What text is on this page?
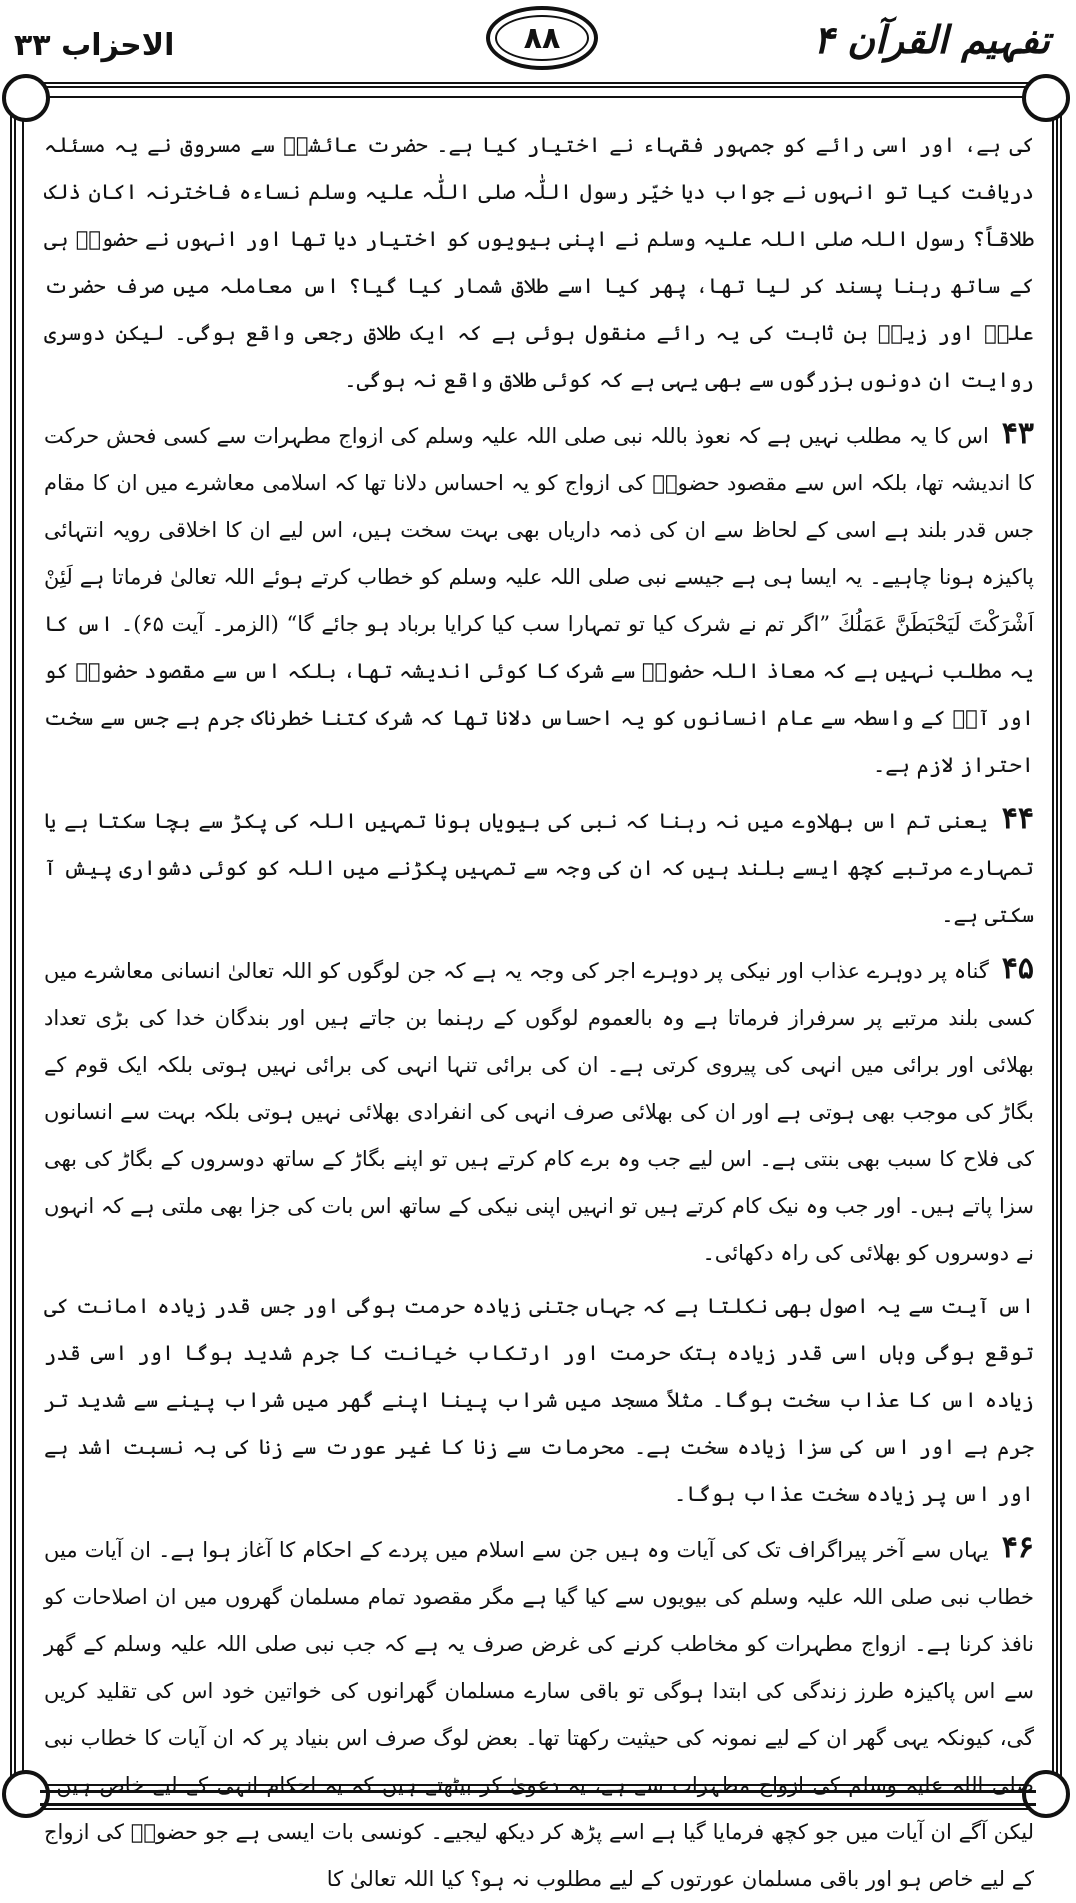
الاحزاب ۳۳	۸۸	تفہیم القرآن ۴

کی ہے، اور اسی رائے کو جمہور فقہاء نے اختیار کیا ہے۔ حضرت عائشہؓ سے مسروق نے یہ مسئلہ دریافت کیا تو انہوں نے جواب دیا خیّر رسول اللّٰہ صلی اللّٰہ علیہ وسلم نساءہ فاخترنہ اکان ذٰلک طلاقاً؟ رسول اللہ صلی اللہ علیہ وسلم نے اپنی بیویوں کو اختیار دیا تھا اور انہوں نے حضورؐ ہی کے ساتھ رہنا پسند کر لیا تھا، پھر کیا اسے طلاق شمار کیا گیا؟ اس معاملہ میں صرف حضرت علیؓ اور زیدؓ بن ثابت کی یہ رائے منقول ہوئی ہے کہ ایک طلاق رجعی واقع ہوگی۔ لیکن دوسری روایت ان دونوں بزرگوں سے بھی یہی ہے کہ کوئی طلاق واقع نہ ہوگی۔

۴۳ اس کا یہ مطلب نہیں ہے کہ نعوذ باللہ نبی صلی اللہ علیہ وسلم کی ازواج مطہرات سے کسی فحش حرکت کا اندیشہ تھا، بلکہ اس سے مقصود حضورؐ کی ازواج کو یہ احساس دلانا تھا کہ اسلامی معاشرے میں ان کا مقام جس قدر بلند ہے اسی کے لحاظ سے ان کی ذمہ داریاں بھی بہت سخت ہیں، اس لیے ان کا اخلاقی رویہ انتہائی پاکیزہ ہونا چاہیے۔ یہ ایسا ہی ہے جیسے نبی صلی اللہ علیہ وسلم کو خطاب کرتے ہوئے اللہ تعالیٰ فرماتا ہے لَئِنْ اَشْرَكْتَ لَيَحْبَطَنَّ عَمَلُكَ ”اگر تم نے شرک کیا تو تمہارا سب کیا کرایا برباد ہو جائے گا“ (الزمر۔ آیت ۶۵)۔ اس کا یہ مطلب نہیں ہے کہ معاذ اللہ حضورؐ سے شرک کا کوئی اندیشہ تھا، بلکہ اس سے مقصود حضورؐ کو اور آپؐ کے واسطہ سے عام انسانوں کو یہ احساس دلانا تھا کہ شرک کتنا خطرناک جرم ہے جس سے سخت احتراز لازم ہے۔

۴۴ یعنی تم اس بھلاوے میں نہ رہنا کہ نبی کی بیویاں ہونا تمہیں اللہ کی پکڑ سے بچا سکتا ہے یا تمہارے مرتبے کچھ ایسے بلند ہیں کہ ان کی وجہ سے تمہیں پکڑنے میں اللہ کو کوئی دشواری پیش آ سکتی ہے۔

۴۵ گناہ پر دوہرے عذاب اور نیکی پر دوہرے اجر کی وجہ یہ ہے کہ جن لوگوں کو اللہ تعالیٰ انسانی معاشرے میں کسی بلند مرتبے پر سرفراز فرماتا ہے وہ بالعموم لوگوں کے رہنما بن جاتے ہیں اور بندگان خدا کی بڑی تعداد بھلائی اور برائی میں انہی کی پیروی کرتی ہے۔ ان کی برائی تنہا انہی کی برائی نہیں ہوتی بلکہ ایک قوم کے بگاڑ کی موجب بھی ہوتی ہے اور ان کی بھلائی صرف انہی کی انفرادی بھلائی نہیں ہوتی بلکہ بہت سے انسانوں کی فلاح کا سبب بھی بنتی ہے۔ اس لیے جب وہ برے کام کرتے ہیں تو اپنے بگاڑ کے ساتھ دوسروں کے بگاڑ کی بھی سزا پاتے ہیں۔ اور جب وہ نیک کام کرتے ہیں تو انہیں اپنی نیکی کے ساتھ اس بات کی جزا بھی ملتی ہے کہ انہوں نے دوسروں کو بھلائی کی راہ دکھائی۔

اس آیت سے یہ اصول بھی نکلتا ہے کہ جہاں جتنی زیادہ حرمت ہوگی اور جس قدر زیادہ امانت کی توقع ہوگی وہاں اسی قدر زیادہ ہتک حرمت اور ارتکاب خیانت کا جرم شدید ہوگا اور اسی قدر زیادہ اس کا عذاب سخت ہوگا۔ مثلاً مسجد میں شراب پینا اپنے گھر میں شراب پینے سے شدید تر جرم ہے اور اس کی سزا زیادہ سخت ہے۔ محرمات سے زنا کا غیر عورت سے زنا کی بہ نسبت اشد ہے اور اس پر زیادہ سخت عذاب ہوگا۔

۴۶ یہاں سے آخر پیراگراف تک کی آیات وہ ہیں جن سے اسلام میں پردے کے احکام کا آغاز ہوا ہے۔ ان آیات میں خطاب نبی صلی اللہ علیہ وسلم کی بیویوں سے کیا گیا ہے مگر مقصود تمام مسلمان گھروں میں ان اصلاحات کو نافذ کرنا ہے۔ ازواج مطہرات کو مخاطب کرنے کی غرض صرف یہ ہے کہ جب نبی صلی اللہ علیہ وسلم کے گھر سے اس پاکیزہ طرز زندگی کی ابتدا ہوگی تو باقی سارے مسلمان گھرانوں کی خواتین خود اس کی تقلید کریں گی، کیونکہ یہی گھر ان کے لیے نمونہ کی حیثیت رکھتا تھا۔ بعض لوگ صرف اس بنیاد پر کہ ان آیات کا خطاب نبی صلی اللہ علیہ وسلم کی ازواج مطہرات سے ہے، یہ دعویٰ کر بیٹھتے ہیں کہ یہ احکام انہی کے لیے خاص ہیں۔ لیکن آگے ان آیات میں جو کچھ فرمایا گیا ہے اسے پڑھ کر دیکھ لیجیے۔ کونسی بات ایسی ہے جو حضورؐ کی ازواج کے لیے خاص ہو اور باقی مسلمان عورتوں کے لیے مطلوب نہ ہو؟ کیا اللہ تعالیٰ کا
